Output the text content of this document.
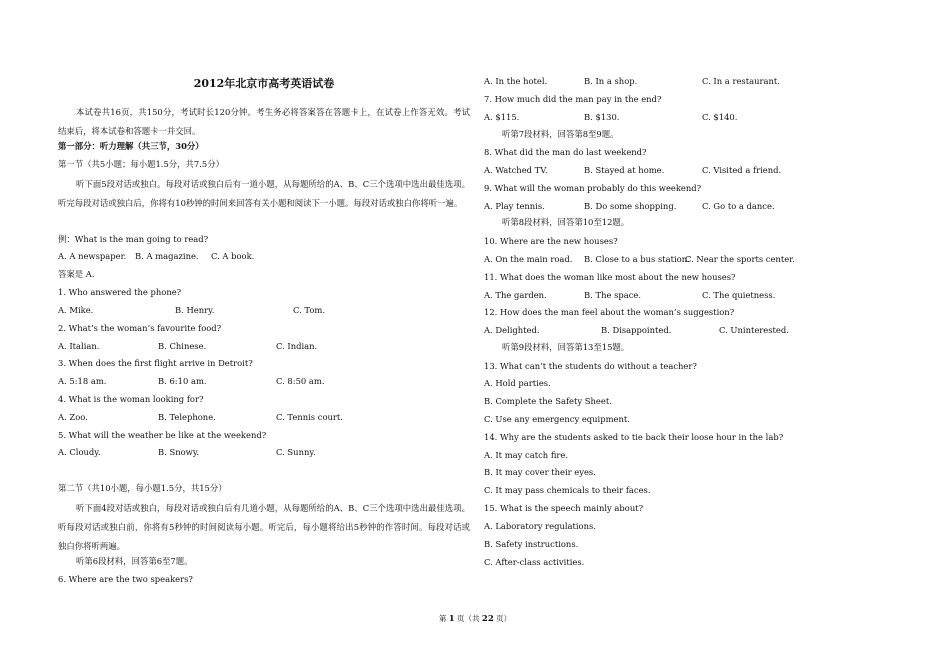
2012年北京市高考英语试卷
本试卷共16页，共150分，考试时长120分钟。考生务必将答案答在答题卡上，在试卷上作答无效。考试结束后，将本试卷和答题卡一并交回。
第一部分：听力理解（共三节，30分）
第一节（共5小题；每小题1.5分，共7.5分）
听下面5段对话或独白。每段对话或独白后有一道小题，从每题所给的A、B、C三个选项中选出最佳选项。听完每段对话或独白后，你将有10秒钟的时间来回答有关小题和阅读下一小题。每段对话或独白你将听一遍。
例：What is the man going to read?
A. A newspaper. B. A magazine. C. A book.
答案是 A.
1. Who answered the phone?
A. Mike.	B. Henry.	C. Tom.
2. What’s the woman’s favourite food?
A. Italian.	B. Chinese.	C. Indian.
3. When does the first flight arrive in Detroit?
A. 5:18 am.	B. 6:10 am.	C. 8:50 am.
4. What is the woman looking for?
A. Zoo.	B. Telephone.	C. Tennis court.
5. What will the weather be like at the weekend?
A. Cloudy.	B. Snowy.	C. Sunny.
第二节（共10小题，每小题1.5分，共15分）
听下面4段对话或独白，每段对话或独白后有几道小题，从每题所给的A、B、C三个选项中选出最佳选项。听每段对话或独白前，你将有5秒钟的时间阅读每小题。听完后，每小题将给出5秒钟的作答时间。每段对话或独白你将听两遍。
听第6段材料，回答第6至7题。
6. Where are the two speakers?
A. In the hotel.	B. In a shop.	C. In a restaurant.
7. How much did the man pay in the end?
A. $115.	B. $130.	C. $140.
听第7段材料，回答第8至9题。
8. What did the man do last weekend?
A. Watched TV.	B. Stayed at home.	C. Visited a friend.
9. What will the woman probably do this weekend?
A. Play tennis.	B. Do some shopping.	C. Go to a dance.
听第8段材料，回答第10至12题。
10. Where are the new houses?
A. On the main road. B. Close to a bus station.C. Near the sports center.
11. What does the woman like most about the new houses?
A. The garden.	B. The space.	C. The quietness.
12. How does the man feel about the woman’s suggestion?
A. Delighted.	B. Disappointed.	C. Uninterested.
听第9段材料，回答第13至15题。
13. What can’t the students do without a teacher?
A. Hold parties.
B. Complete the Safety Sheet.
C. Use any emergency equipment.
14. Why are the students asked to tie back their loose hour in the lab?
A. It may catch fire.
B. It may cover their eyes.
C. It may pass chemicals to their faces.
15. What is the speech mainly about?
A. Laboratory regulations.
B. Safety instructions.
C. After-class activities.
第 1 页（共 22 页）
